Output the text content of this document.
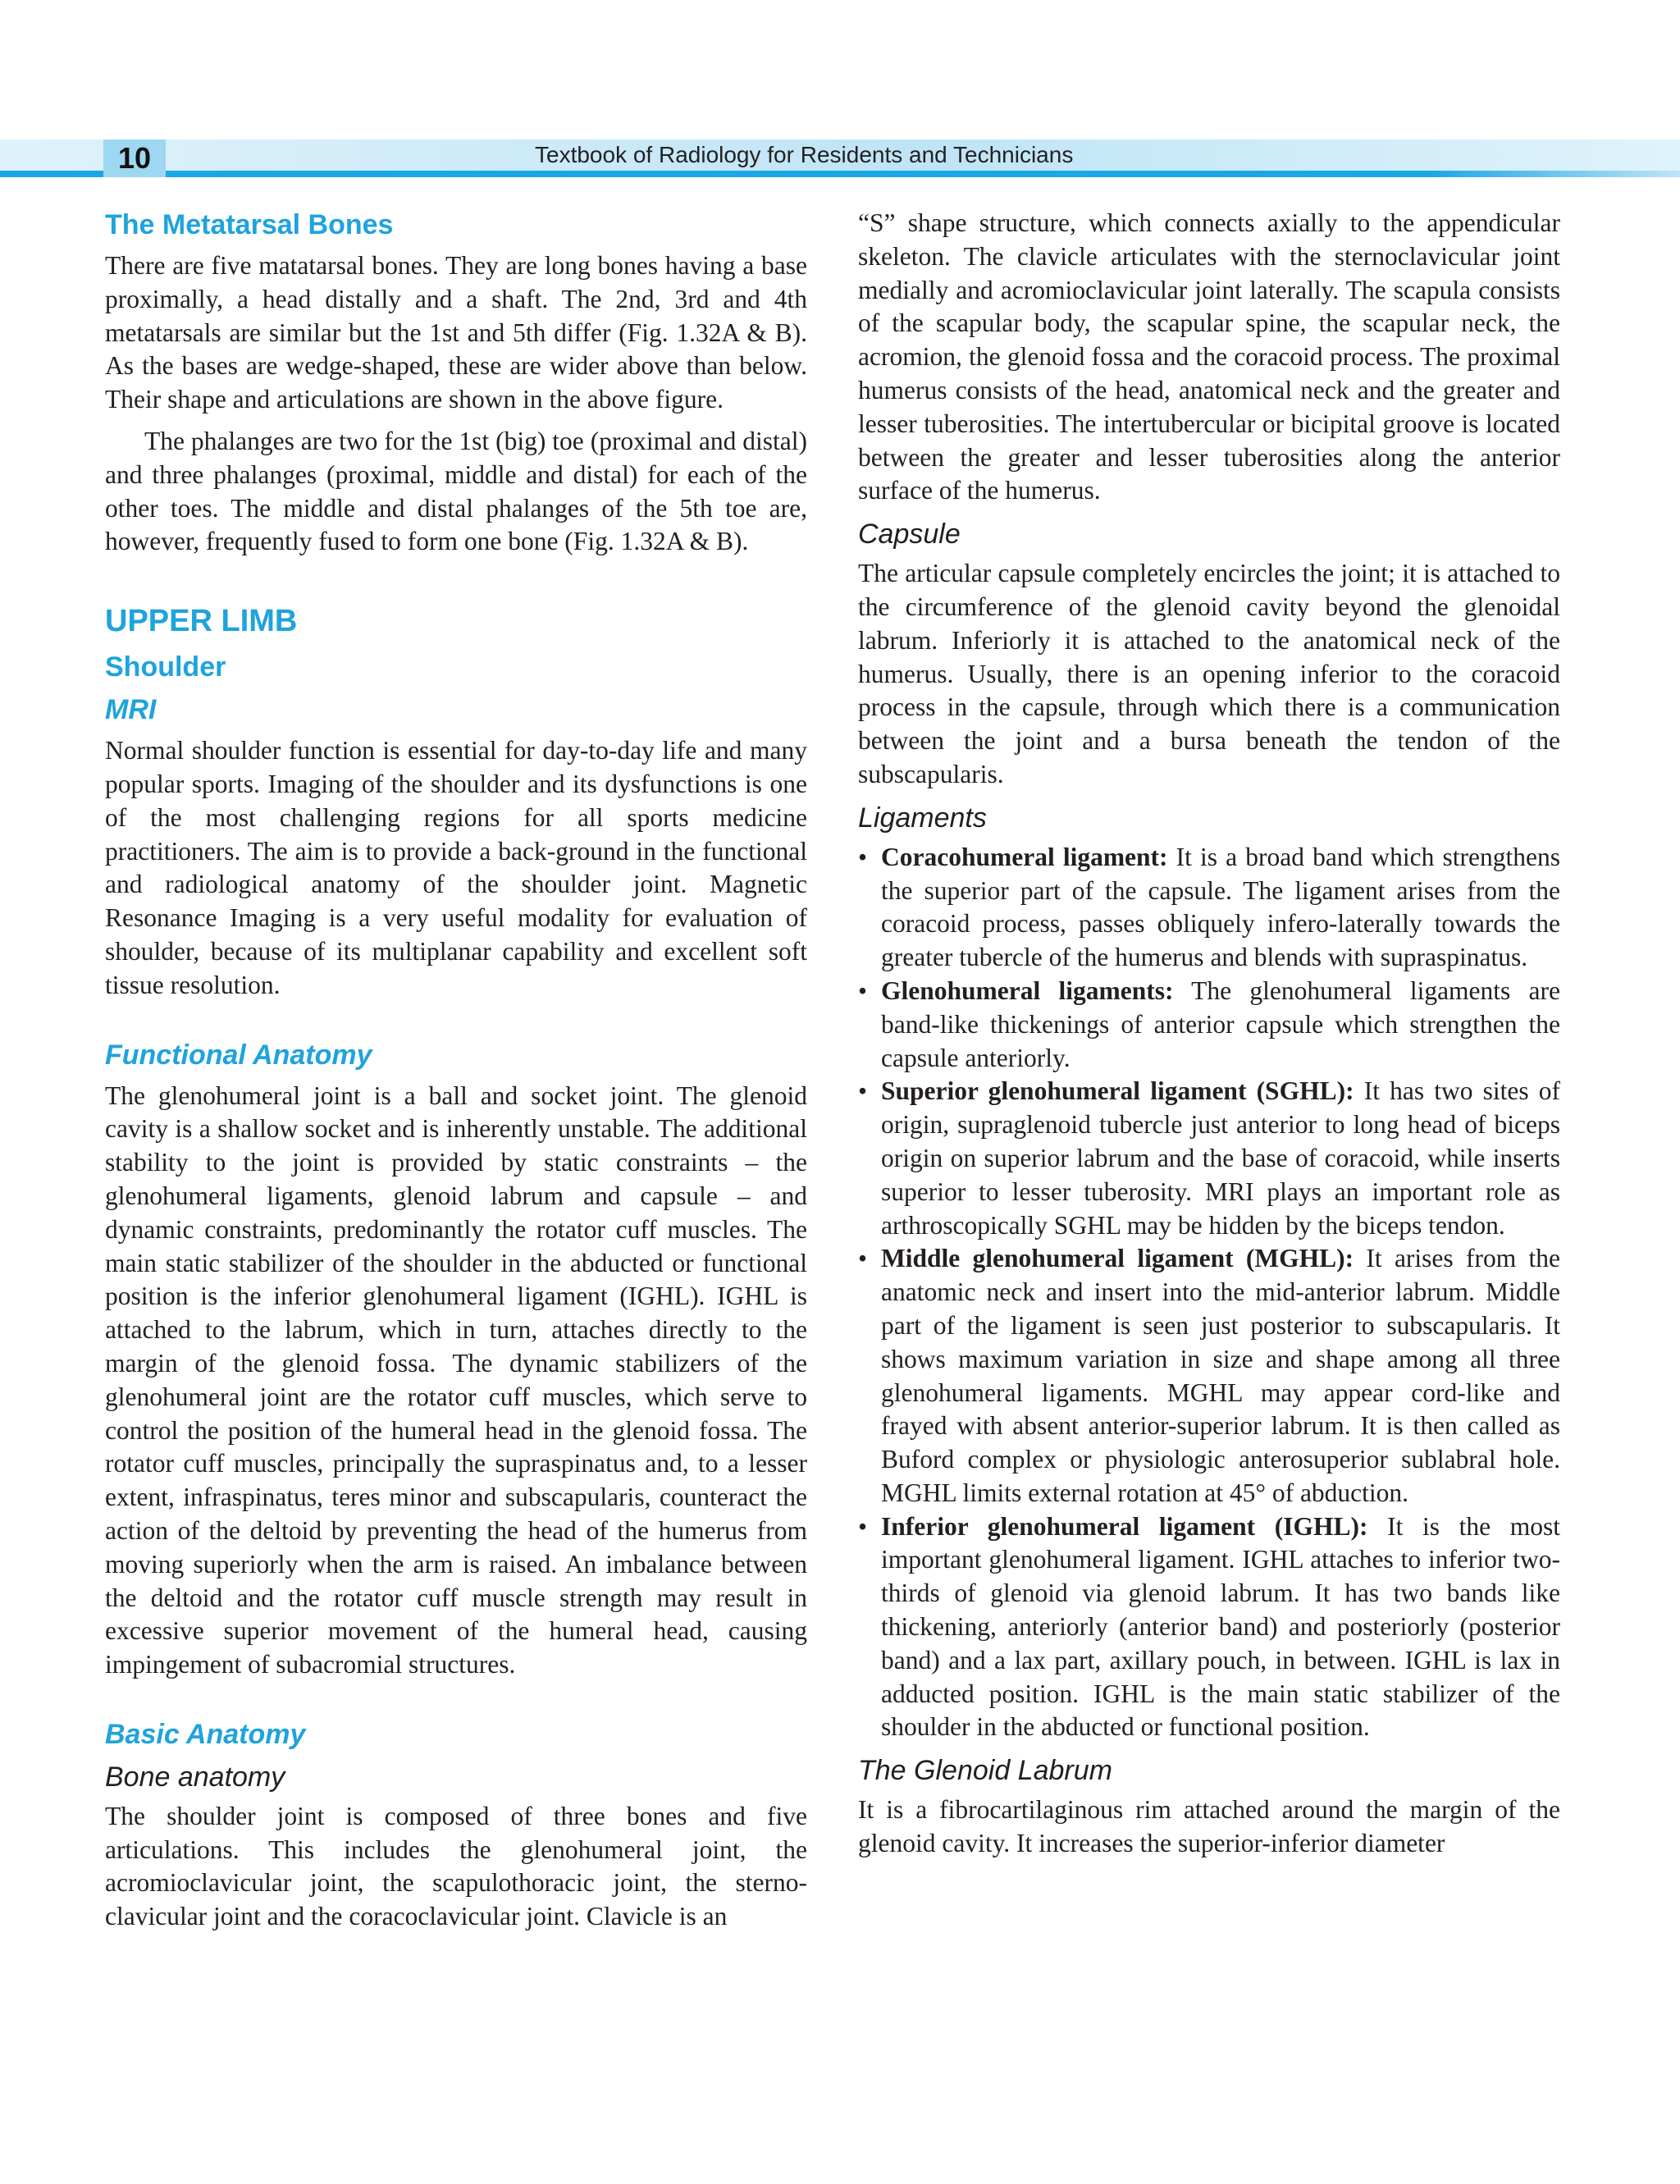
10	Textbook of Radiology for Residents and Technicians
The Metatarsal Bones

There are five matatarsal bones. They are long bones having a base proximally, a head distally and a shaft. The 2nd, 3rd and 4th metatarsals are similar but the 1st and 5th differ (Fig. 1.32A & B). As the bases are wedge-shaped, these are wider above than below. Their shape and articulations are shown in the above figure.

The phalanges are two for the 1st (big) toe (proximal and distal) and three phalanges (proximal, middle and distal) for each of the other toes. The middle and distal phalanges of the 5th toe are, however, frequently fused to form one bone (Fig. 1.32A & B).

UPPER LIMB
Shoulder
MRI

Normal shoulder function is essential for day-to-day life and many popular sports. Imaging of the shoulder and its dysfunctions is one of the most challenging regions for all sports medicine practitioners. The aim is to provide a back-ground in the functional and radiological anatomy of the shoulder joint. Magnetic Resonance Imaging is a very useful modality for evaluation of shoulder, because of its multiplanar capability and excellent soft tissue resolution.

Functional Anatomy

The glenohumeral joint is a ball and socket joint. The glenoid cavity is a shallow socket and is inherently unstable. The additional stability to the joint is provided by static constraints – the glenohumeral ligaments, glenoid labrum and capsule – and dynamic constraints, predominantly the rotator cuff muscles. The main static stabilizer of the shoulder in the abducted or functional position is the inferior glenohumeral ligament (IGHL). IGHL is attached to the labrum, which in turn, attaches directly to the margin of the glenoid fossa. The dynamic stabilizers of the glenohumeral joint are the rotator cuff muscles, which serve to control the position of the humeral head in the glenoid fossa. The rotator cuff muscles, principally the supraspinatus and, to a lesser extent, infraspinatus, teres minor and subscapularis, counteract the action of the deltoid by preventing the head of the humerus from moving superiorly when the arm is raised. An imbalance between the deltoid and the rotator cuff muscle strength may result in excessive superior movement of the humeral head, causing impingement of subacromial structures.

Basic Anatomy
Bone anatomy

The shoulder joint is composed of three bones and five articulations. This includes the glenohumeral joint, the acromioclavicular joint, the scapulothoracic joint, the sterno-clavicular joint and the coracoclavicular joint. Clavicle is an

“S” shape structure, which connects axially to the appendicular skeleton. The clavicle articulates with the sternoclavicular joint medially and acromioclavicular joint laterally. The scapula consists of the scapular body, the scapular spine, the scapular neck, the acromion, the glenoid fossa and the coracoid process. The proximal humerus consists of the head, anatomical neck and the greater and lesser tuberosities. The intertubercular or bicipital groove is located between the greater and lesser tuberosities along the anterior surface of the humerus.

Capsule

The articular capsule completely encircles the joint; it is attached to the circumference of the glenoid cavity beyond the glenoidal labrum. Inferiorly it is attached to the anatomical neck of the humerus. Usually, there is an opening inferior to the coracoid process in the capsule, through which there is a communication between the joint and a bursa beneath the tendon of the subscapularis.

Ligaments
• Coracohumeral ligament: It is a broad band which strengthens the superior part of the capsule. The ligament arises from the coracoid process, passes obliquely infero-laterally towards the greater tubercle of the humerus and blends with supraspinatus.
• Glenohumeral ligaments: The glenohumeral ligaments are band-like thickenings of anterior capsule which strengthen the capsule anteriorly.
• Superior glenohumeral ligament (SGHL): It has two sites of origin, supraglenoid tubercle just anterior to long head of biceps origin on superior labrum and the base of coracoid, while inserts superior to lesser tuberosity. MRI plays an important role as arthroscopically SGHL may be hidden by the biceps tendon.
• Middle glenohumeral ligament (MGHL): It arises from the anatomic neck and insert into the mid-anterior labrum. Middle part of the ligament is seen just posterior to subscapularis. It shows maximum variation in size and shape among all three glenohumeral ligaments. MGHL may appear cord-like and frayed with absent anterior-superior labrum. It is then called as Buford complex or physiologic anterosuperior sublabral hole. MGHL limits external rotation at 45° of abduction.
• Inferior glenohumeral ligament (IGHL): It is the most important glenohumeral ligament. IGHL attaches to inferior two-thirds of glenoid via glenoid labrum. It has two bands like thickening, anteriorly (anterior band) and posteriorly (posterior band) and a lax part, axillary pouch, in between. IGHL is lax in adducted position. IGHL is the main static stabilizer of the shoulder in the abducted or functional position.
The Glenoid Labrum

It is a fibrocartilaginous rim attached around the margin of the glenoid cavity. It increases the superior-inferior diameter
